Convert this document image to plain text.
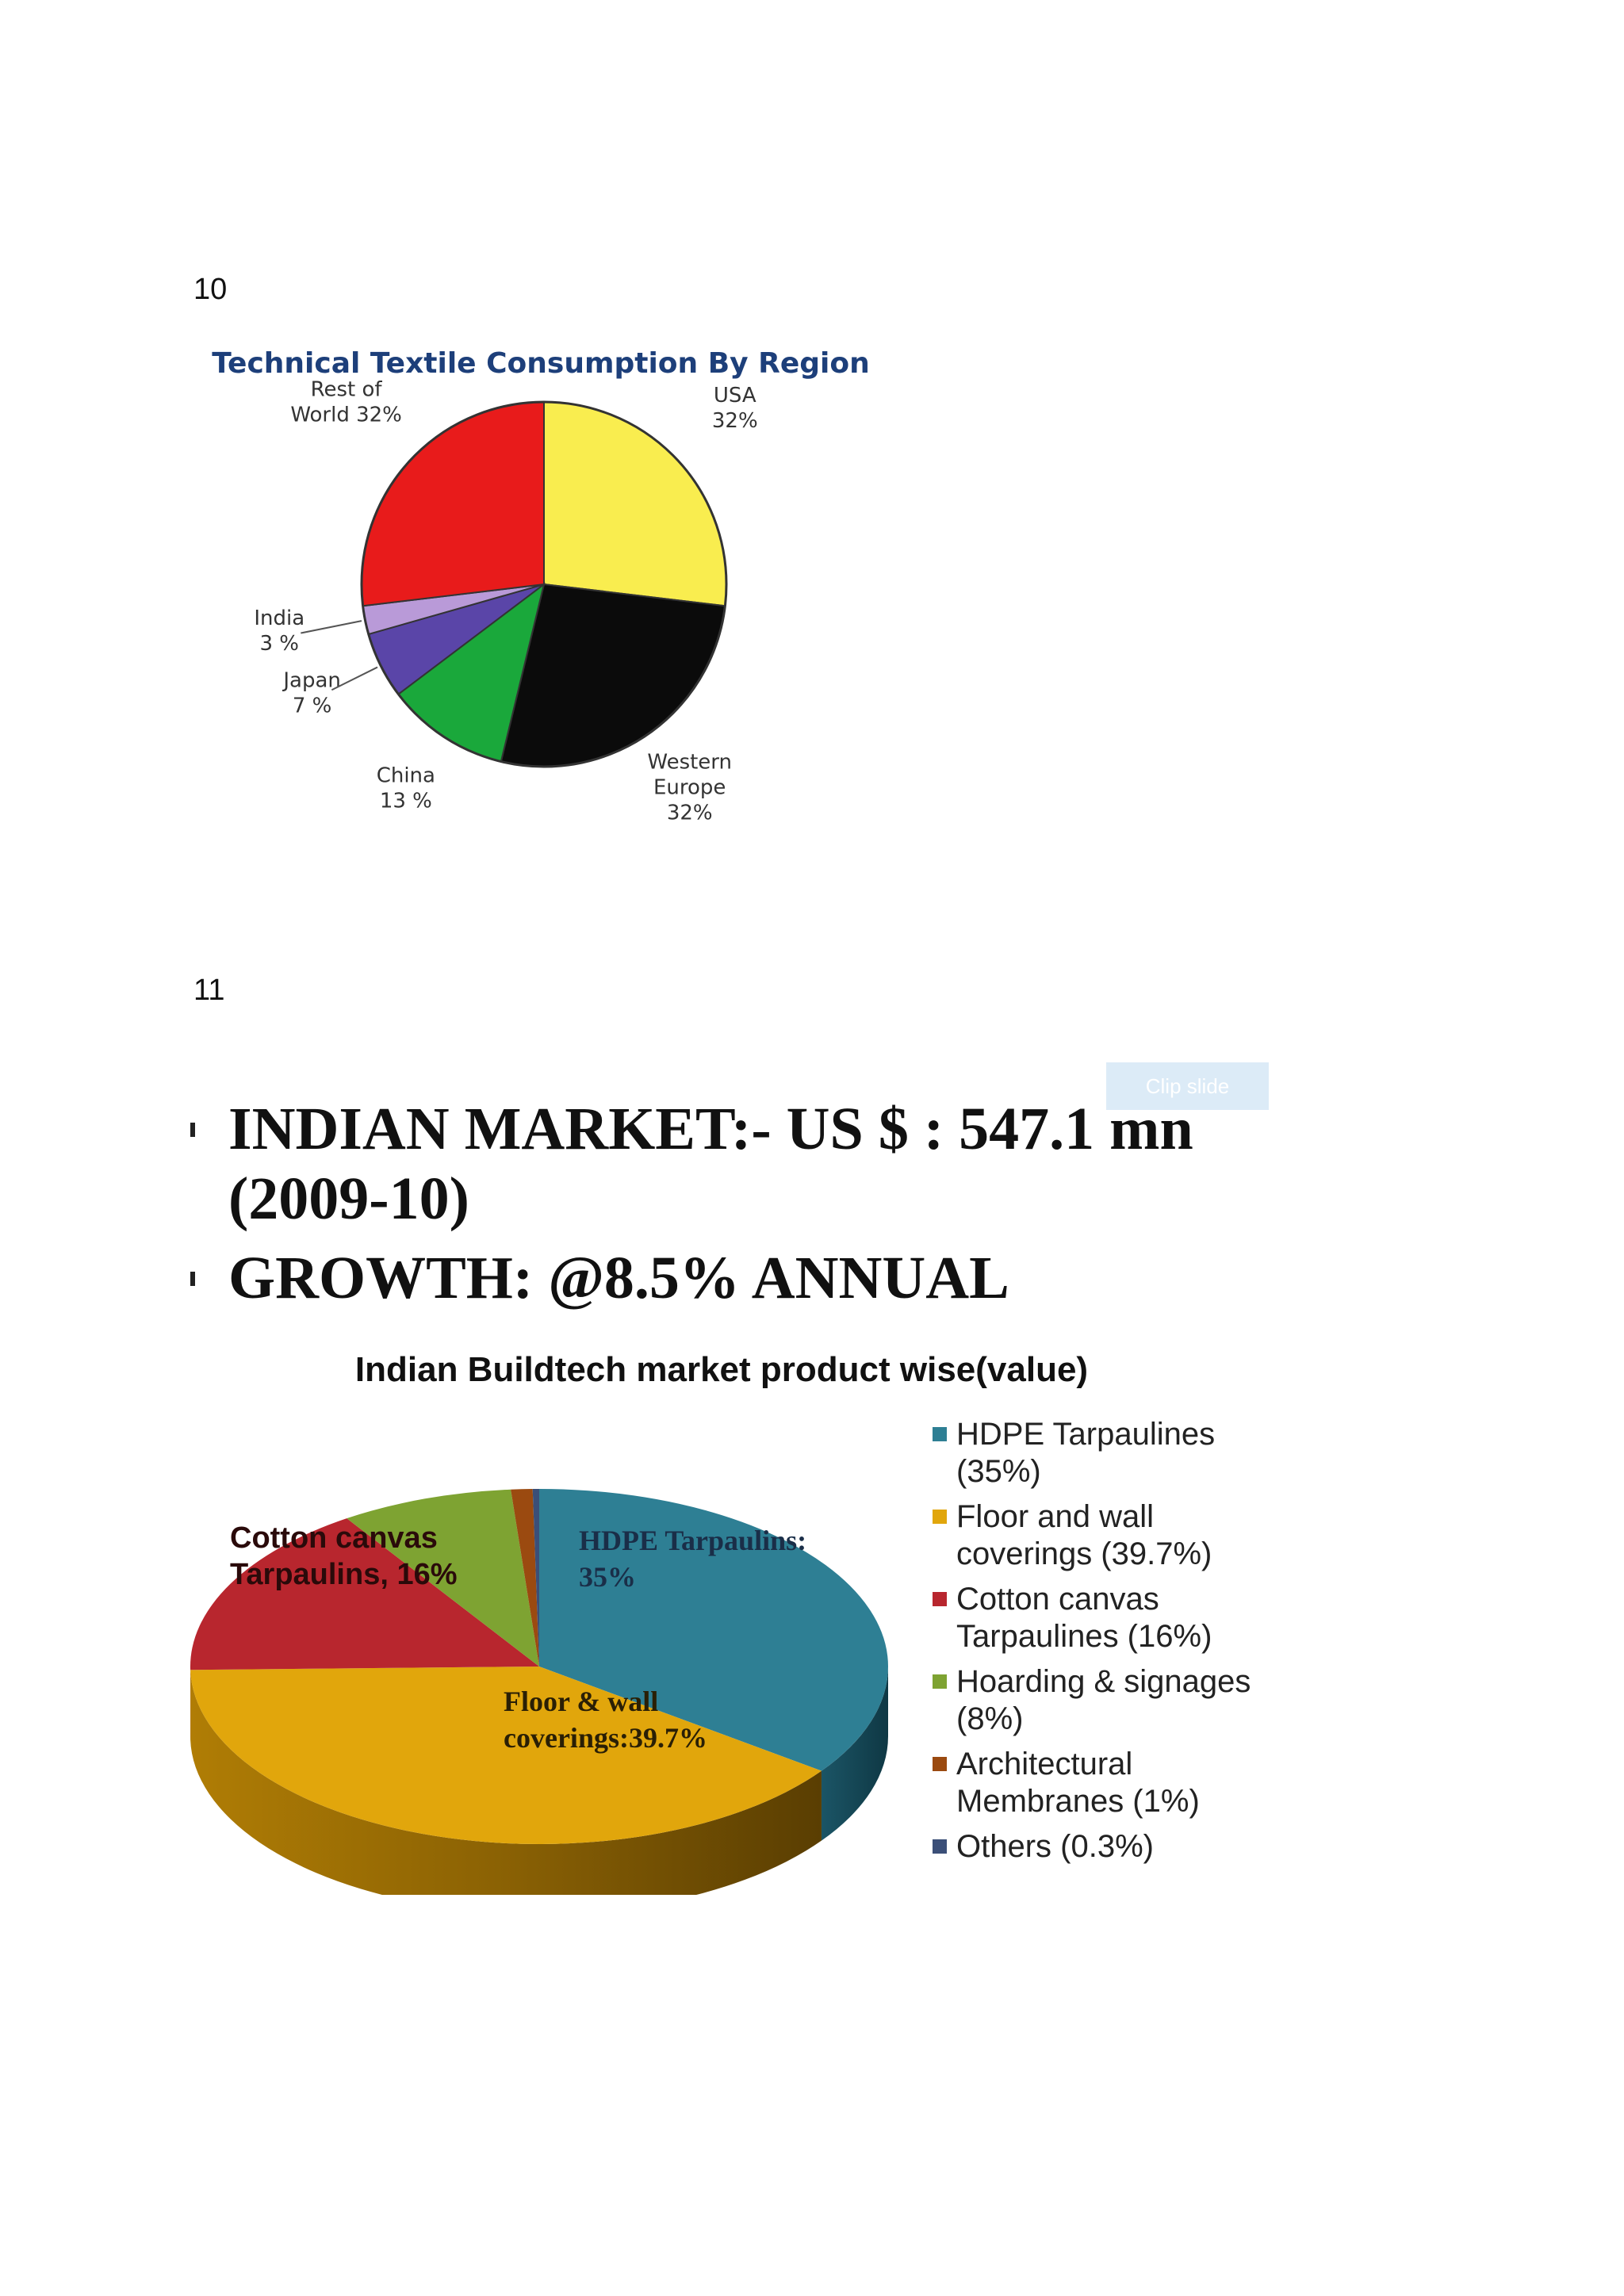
10
Technical Textile Consumption By Region
USA 32%
Western Europe 32%
China 13 %
Japan 7 %
India 3 %
Rest of World 32%
11
Clip slide
INDIAN MARKET:- US $ : 547.1 mn (2009-10)
GROWTH: @8.5% ANNUAL
Indian Buildtech market product wise(value)
HDPE Tarpaulins: 35%
Floor & wall coverings:39.7%
Cotton canvas Tarpaulins, 16%
HDPE Tarpaulines (35%)
Floor and wall coverings (39.7%)
Cotton canvas Tarpaulines (16%)
Hoarding & signages (8%)
Architectural Membranes (1%)
Others (0.3%)
